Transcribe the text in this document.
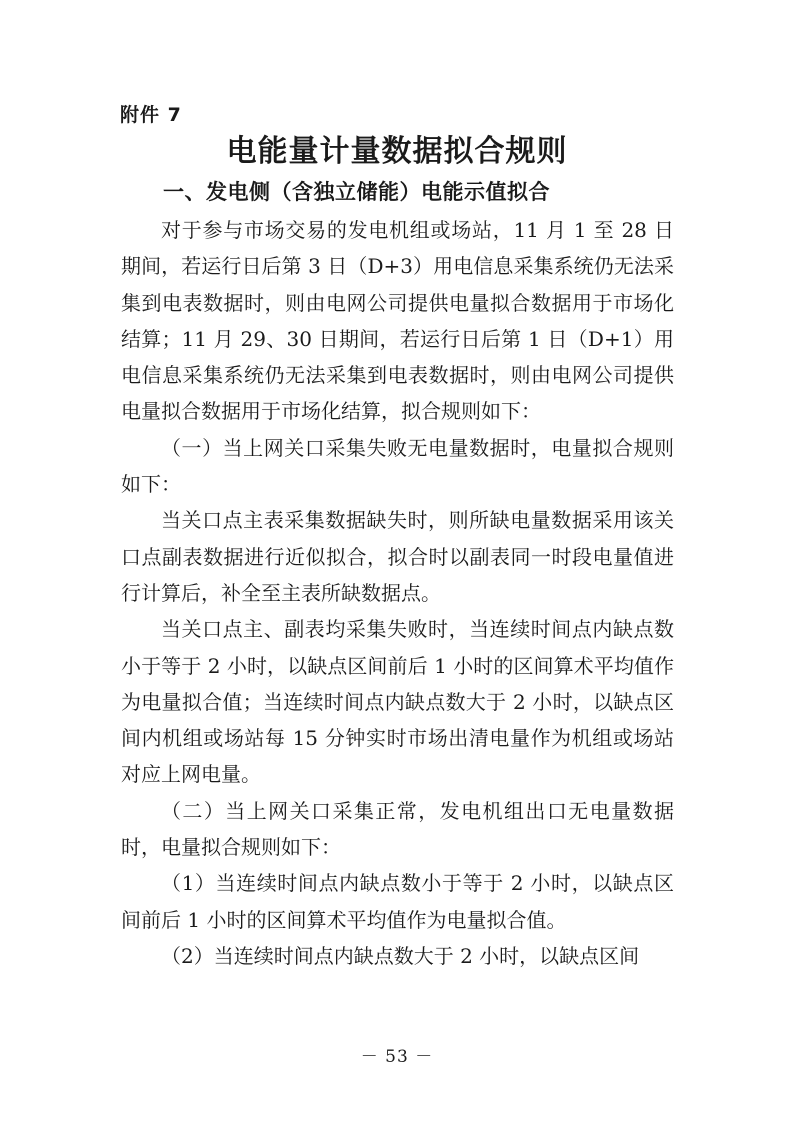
附件 7
电能量计量数据拟合规则
一、发电侧（含独立储能）电能示值拟合

对于参与市场交易的发电机组或场站，11 月 1 至 28 日期间，若运行日后第 3 日（D+3）用电信息采集系统仍无法采集到电表数据时，则由电网公司提供电量拟合数据用于市场化结算；11 月 29、30 日期间，若运行日后第 1 日（D+1）用电信息采集系统仍无法采集到电表数据时，则由电网公司提供电量拟合数据用于市场化结算，拟合规则如下：

（一）当上网关口采集失败无电量数据时，电量拟合规则如下：

当关口点主表采集数据缺失时，则所缺电量数据采用该关口点副表数据进行近似拟合，拟合时以副表同一时段电量值进行计算后，补全至主表所缺数据点。

当关口点主、副表均采集失败时，当连续时间点内缺点数小于等于 2 小时，以缺点区间前后 1 小时的区间算术平均值作为电量拟合值；当连续时间点内缺点数大于 2 小时，以缺点区间内机组或场站每 15 分钟实时市场出清电量作为机组或场站对应上网电量。

（二）当上网关口采集正常，发电机组出口无电量数据时，电量拟合规则如下：

（1）当连续时间点内缺点数小于等于 2 小时，以缺点区间前后 1 小时的区间算术平均值作为电量拟合值。

（2）当连续时间点内缺点数大于 2 小时，以缺点区间

－ 53 －
